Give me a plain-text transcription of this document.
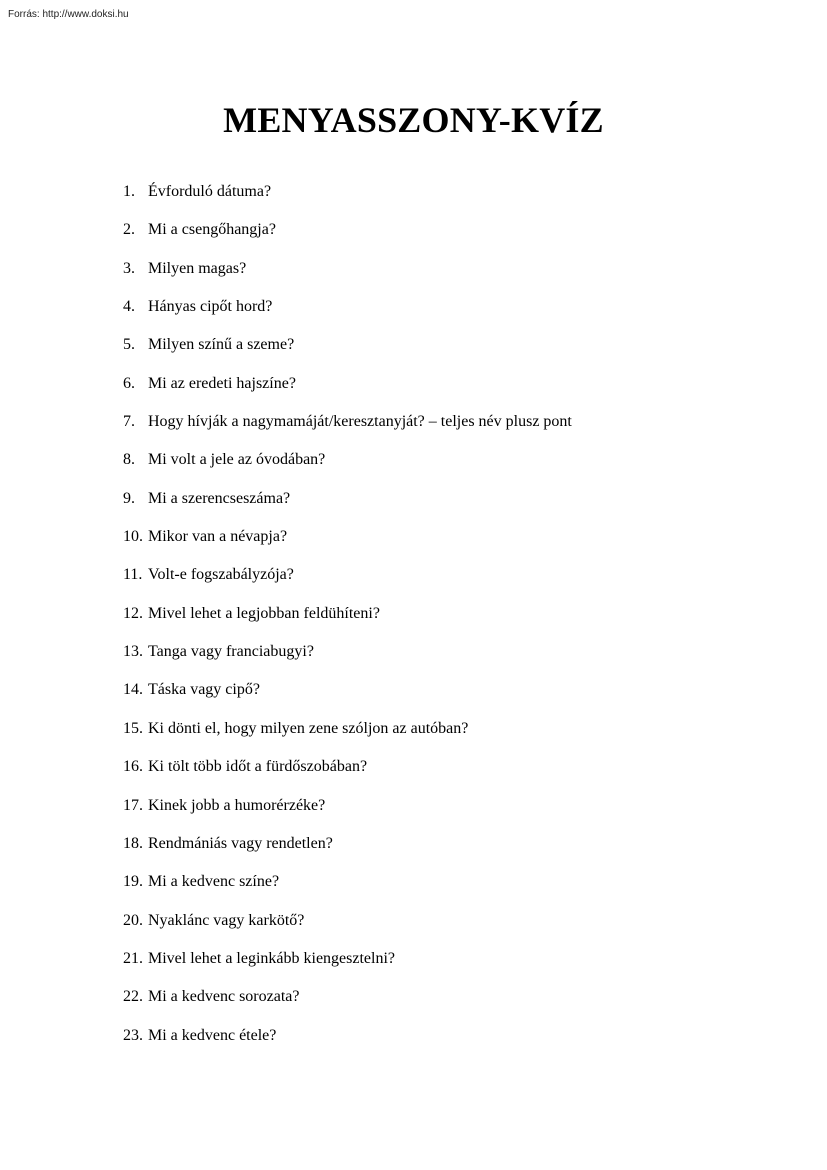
Forrás: http://www.doksi.hu
MENYASSZONY-KVÍZ
1. Évforduló dátuma?
2. Mi a csengőhangja?
3. Milyen magas?
4. Hányas cipőt hord?
5. Milyen színű a szeme?
6. Mi az eredeti hajszíne?
7. Hogy hívják a nagymamáját/keresztanyját? – teljes név plusz pont
8. Mi volt a jele az óvodában?
9. Mi a szerencseszáma?
10. Mikor van a névapja?
11. Volt-e fogszabályzója?
12. Mivel lehet a legjobban feldühíteni?
13. Tanga vagy franciabugyi?
14. Táska vagy cipő?
15. Ki dönti el, hogy milyen zene szóljon az autóban?
16. Ki tölt több időt a fürdőszobában?
17. Kinek jobb a humorérzéke?
18. Rendmániás vagy rendetlen?
19. Mi a kedvenc színe?
20. Nyaklánc vagy karkötő?
21. Mivel lehet a leginkább kiengesztelni?
22. Mi a kedvenc sorozata?
23. Mi a kedvenc étele?
